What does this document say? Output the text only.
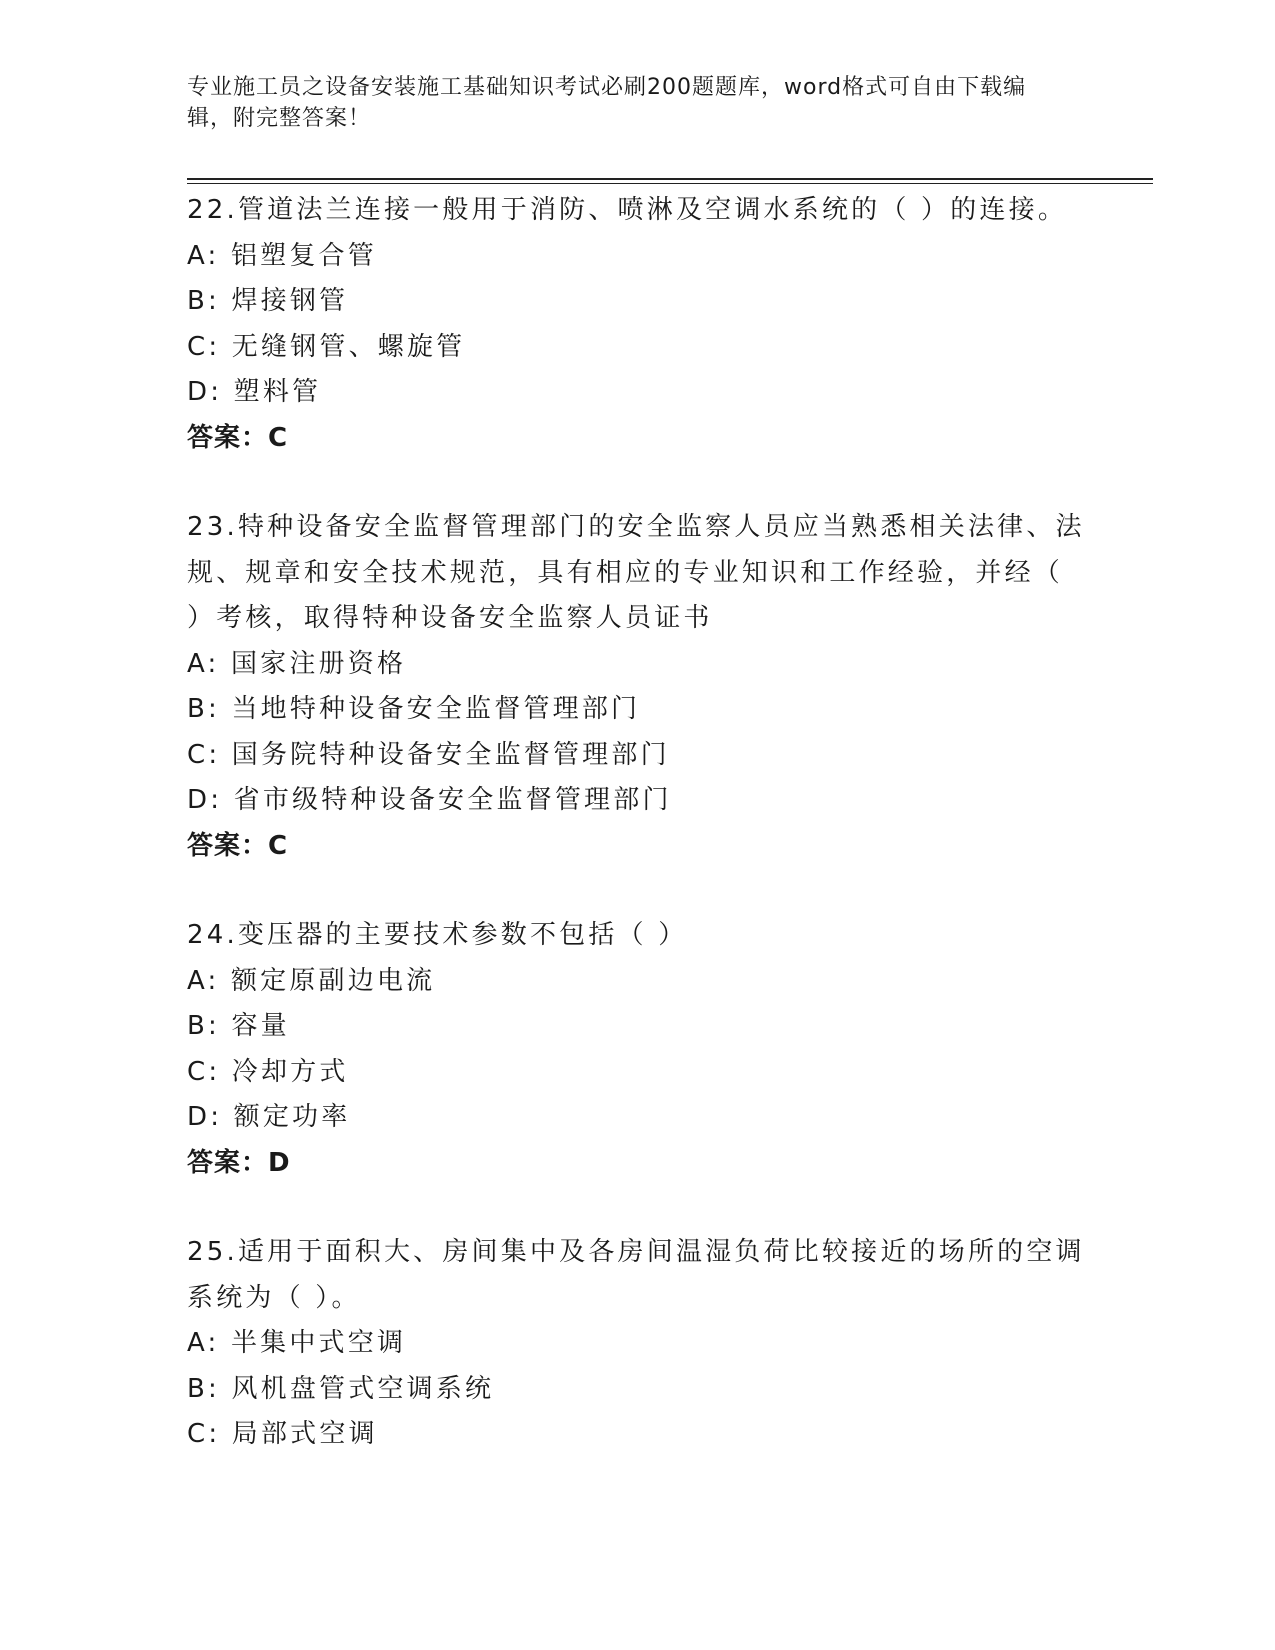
专业施工员之设备安装施工基础知识考试必刷200题题库，word格式可自由下载编辑，附完整答案！
22.管道法兰连接一般用于消防、喷淋及空调水系统的（ ）的连接。
A: 铝塑复合管
B: 焊接钢管
C: 无缝钢管、螺旋管
D: 塑料管
答案：C
23.特种设备安全监督管理部门的安全监察人员应当熟悉相关法律、法规、规章和安全技术规范，具有相应的专业知识和工作经验，并经（ ）考核，取得特种设备安全监察人员证书
A: 国家注册资格
B: 当地特种设备安全监督管理部门
C: 国务院特种设备安全监督管理部门
D: 省市级特种设备安全监督管理部门
答案：C
24.变压器的主要技术参数不包括（ ）
A: 额定原副边电流
B: 容量
C: 冷却方式
D: 额定功率
答案：D
25.适用于面积大、房间集中及各房间温湿负荷比较接近的场所的空调系统为（ ）。
A: 半集中式空调
B: 风机盘管式空调系统
C: 局部式空调
